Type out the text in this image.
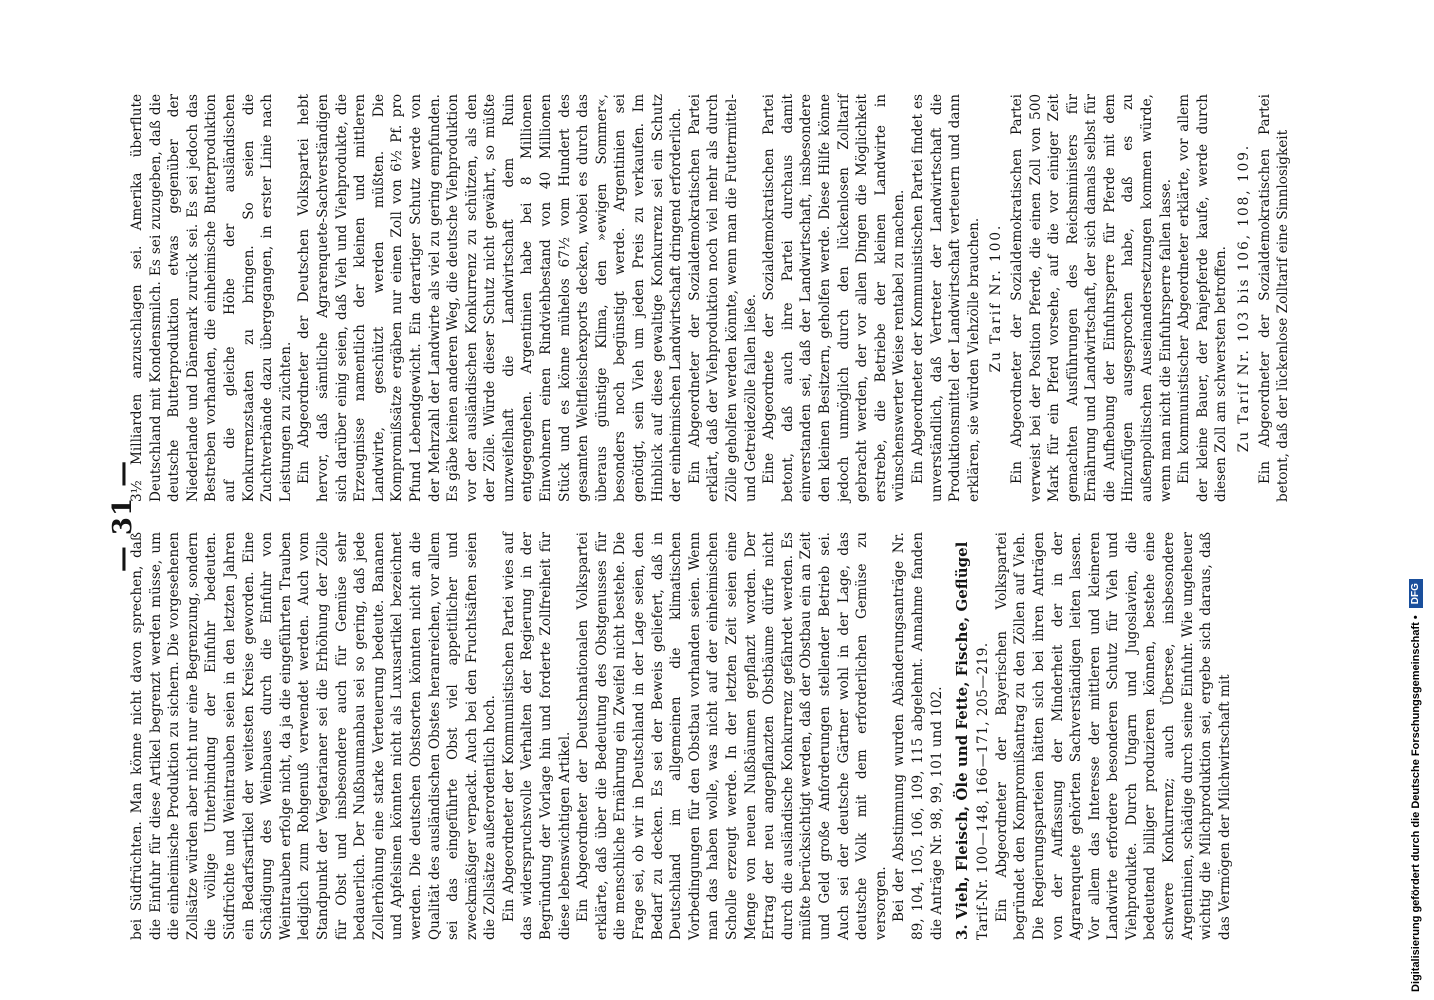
— 31 —

bei Südfrüchten. Man könne nicht davon sprechen, daß die Einfuhr für diese Artikel begrenzt werden müsse, um die einheimische Produktion zu sichern. Die vorgesehenen Zollsätze würden aber nicht nur eine Begrenzung, sondern die völlige Unterbindung der Einfuhr bedeuten. Südfrüchte und Weintrauben seien in den letzten Jahren ein Bedarfsartikel der weitesten Kreise geworden. Eine Schädigung des Weinbaues durch die Einfuhr von Weintrauben erfolge nicht, da ja die eingeführten Trauben lediglich zum Rohgenuß verwendet werden. Auch vom Standpunkt der Vegetarianer sei die Erhöhung der Zölle für Obst und insbesondere auch für Gemüse sehr bedauerlich. Der Nußbaumanbau sei so gering, daß jede Zollerhöhung eine starke Verteuerung bedeute. Bananen und Apfelsinen könnten nicht als Luxusartikel bezeichnet werden. Die deutschen Obstsorten könnten nicht an die Qualität des ausländischen Obstes heranreichen, vor allem sei das eingeführte Obst viel appetitlicher und zweckmäßiger verpackt. Auch bei den Fruchtsäften seien die Zollsätze außerordentlich hoch. Ein Abgeordneter der Kommunistischen Partei wies auf das widerspruchsvolle Verhalten der Regierung in der Begründung der Vorlage hin und forderte Zollfreiheit für diese lebenswichtigen Artikel. Ein Abgeordneter der Deutschnationalen Volkspartei erklärte, daß über die Bedeutung des Obstgenusses für die menschliche Ernährung ein Zweifel nicht bestehe. Die Frage sei, ob wir in Deutschland in der Lage seien, den Bedarf zu decken. Es sei der Beweis geliefert, daß in Deutschland im allgemeinen die klimatischen Vorbedingungen für den Obstbau vorhanden seien. Wenn man das haben wolle, was nicht auf der einheimischen Scholle erzeugt werde. In der letzten Zeit seien eine Menge von neuen Nußbäumen gepflanzt worden. Der Ertrag der neu angepflanzten Obstbäume dürfe nicht durch die ausländische Konkurrenz gefährdet werden. Es müßte berücksichtigt werden, daß der Obstbau ein an Zeit und Geld große Anforderungen stellender Betrieb sei. Auch sei der deutsche Gärtner wohl in der Lage, das deutsche Volk mit dem erforderlichen Gemüse zu versorgen. Bei der Abstimmung wurden Abänderungsanträge Nr. 89, 104, 105, 106, 109, 115 abgelehnt. Annahme fanden die Anträge Nr. 98, 99, 101 und 102. 3. Vieh, Fleisch, Öle und Fette, Fische, Geflügel Tarif-Nr. 100—148, 166—171, 205—219. Ein Abgeordneter der Bayerischen Volkspartei begründet den Kompromißantrag zu den Zöllen auf Vieh. Die Regierungsparteien hätten sich bei ihren Anträgen von der Auffassung der Minderheit der in der Agrarenquete gehörten Sachverständigen leiten lassen. Vor allem das Interesse der mittleren und kleineren Landwirte erfordere besonderen Schutz für Vieh und Viehprodukte. Durch Ungarn und Jugoslavien, die bedeutend billiger produzieren können, bestehe eine schwere Konkurrenz; auch Übersee, insbesondere Argentinien, schädige durch seine Einfuhr. Wie ungeheuer wichtig die Milchproduktion sei, ergebe sich daraus, daß das Vermögen der Milchwirtschaft mit

3½ Milliarden anzuschlagen sei. Amerika überflute Deutschland mit Kondensmilch. Es sei zuzugeben, daß die deutsche Butterproduktion etwas gegenüber der Niederlande und Dänemark zurück sei. Es sei jedoch das Bestreben vorhanden, die einheimische Butterproduktion auf die gleiche Höhe der ausländischen Konkurrenzstaaten zu bringen. So seien die Zuchtverbände dazu übergegangen, in erster Linie nach Leistungen zu züchten. Ein Abgeordneter der Deutschen Volkspartei hebt hervor, daß sämtliche Agrarenquete-Sachverständigen sich darüber einig seien, daß Vieh und Viehprodukte, die Erzeugnisse namentlich der kleinen und mittleren Landwirte, geschützt werden müßten. Die Kompromißsätze ergäben nur einen Zoll von 6½ Pf. pro Pfund Lebendgewicht. Ein derartiger Schutz werde von der Mehrzahl der Landwirte als viel zu gering empfunden. Es gäbe keinen anderen Weg, die deutsche Viehproduktion vor der ausländischen Konkurrenz zu schützen, als den der Zölle. Würde dieser Schutz nicht gewährt, so müßte unzweifelhaft die Landwirtschaft dem Ruin entgegengehen. Argentinien habe bei 8 Millionen Einwohnern einen Rindviehbestand von 40 Millionen Stück und es könne mühelos 67½ vom Hundert des gesamten Weltfleischexports decken, wobei es durch das überaus günstige Klima, den »ewigen Sommer«, besonders noch begünstigt werde. Argentinien sei genötigt, sein Vieh um jeden Preis zu verkaufen. Im Hinblick auf diese gewaltige Konkurrenz sei ein Schutz der einheimischen Landwirtschaft dringend erforderlich. Ein Abgeordneter der Sozialdemokratischen Partei erklärt, daß der Viehproduktion noch viel mehr als durch Zölle geholfen werden könnte, wenn man die Futtermittel- und Getreidezölle fallen ließe. Eine Abgeordnete der Sozialdemokratischen Partei betont, daß auch ihre Partei durchaus damit einverstanden sei, daß der Landwirtschaft, insbesondere den kleinen Besitzern, geholfen werde. Diese Hilfe könne jedoch unmöglich durch den lückenlosen Zolltarif gebracht werden, der vor allen Dingen die Möglichkeit erstrebe, die Betriebe der kleinen Landwirte in wünschenswerter Weise rentabel zu machen. Ein Abgeordneter der Kommunistischen Partei findet es unverständlich, daß Vertreter der Landwirtschaft die Produktionsmittel der Landwirtschaft verteuern und dann erklären, sie würden Viehzölle brauchen. Zu Tarif Nr. 100. Ein Abgeordneter der Sozialdemokratischen Partei verweist bei der Position Pferde, die einen Zoll von 500 Mark für ein Pferd vorsehe, auf die vor einiger Zeit gemachten Ausführungen des Reichsministers für Ernährung und Landwirtschaft, der sich damals selbst für die Aufhebung der Einfuhrsperre für Pferde mit dem Hinzufügen ausgesprochen habe, daß es zu außenpolitischen Auseinandersetzungen kommen würde, wenn man nicht die Einfuhrsperre fallen lasse. Ein kommunistischer Abgeordneter erklärte, vor allem der kleine Bauer, der Panjepferde kaufe, werde durch diesen Zoll am schwersten betroffen. Zu Tarif Nr. 103 bis 106, 108, 109. Ein Abgeordneter der Sozialdemokratischen Partei betont, daß der lückenlose Zolltarif eine Sinnlosigkeit

Digitalisierung gefördert durch die Deutsche Forschungsgemeinschaft • DFG
